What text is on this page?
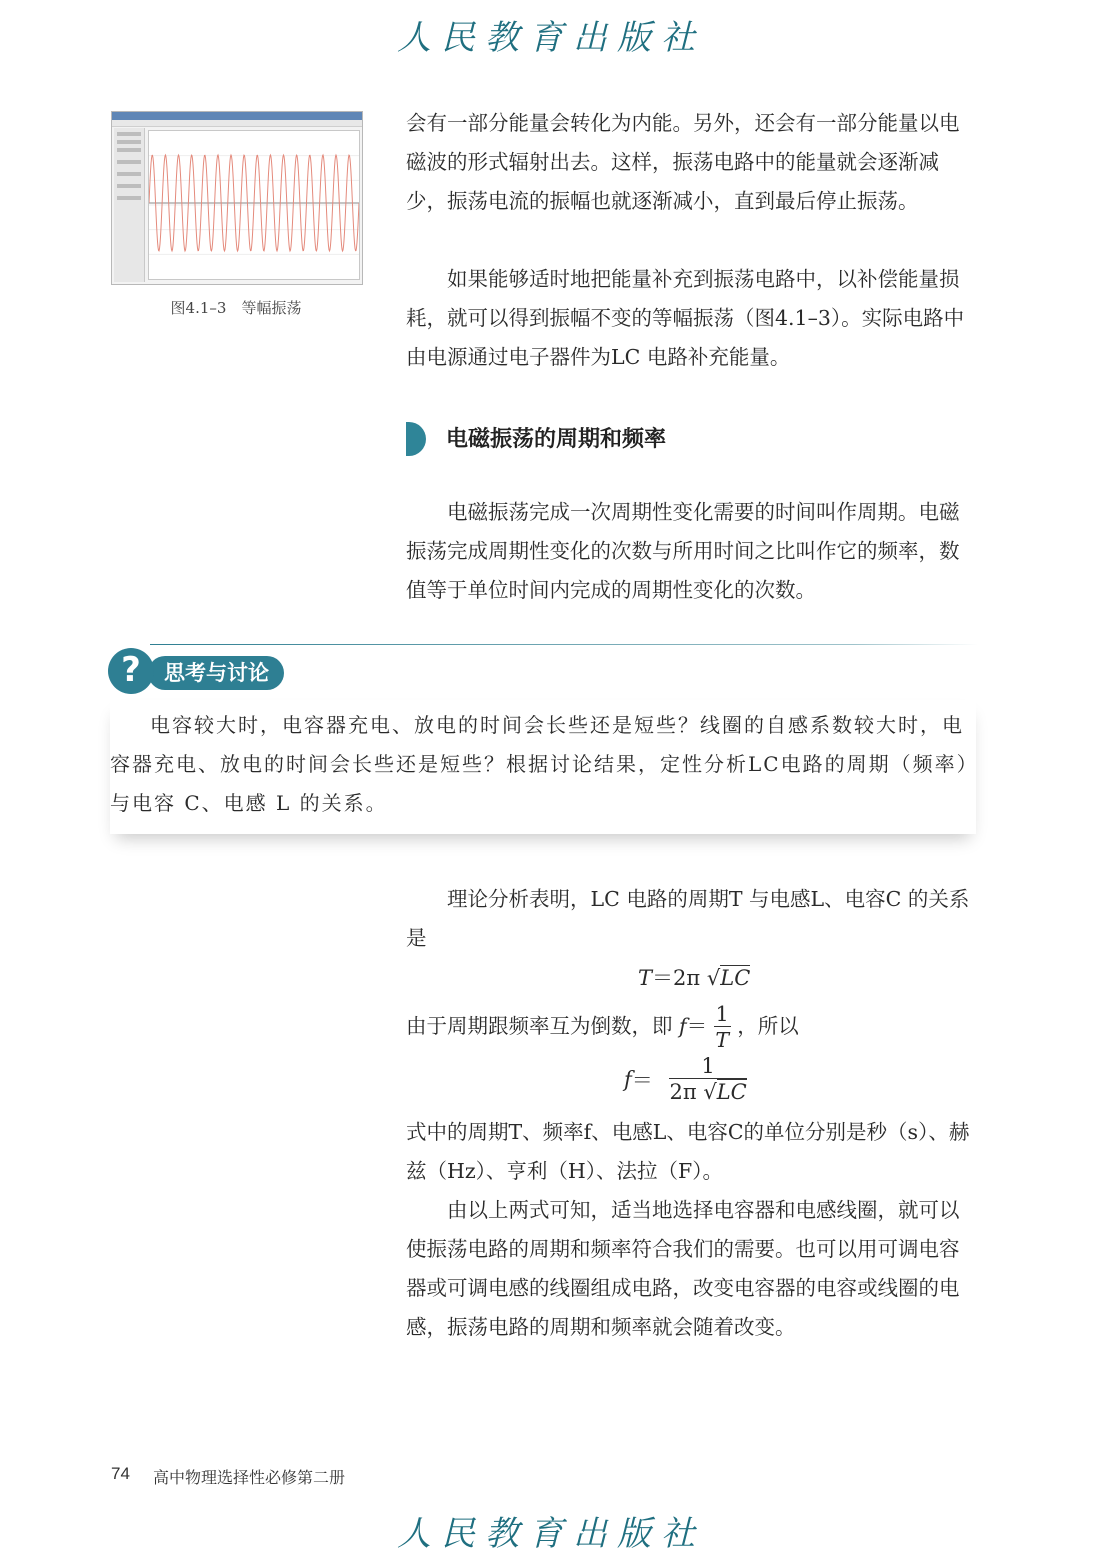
人民教育出版社
图4.1–3　等幅振荡
会有一部分能量会转化为内能。另外，还会有一部分能量以电磁波的形式辐射出去。这样，振荡电路中的能量就会逐渐减少，振荡电流的振幅也就逐渐减小，直到最后停止振荡。
如果能够适时地把能量补充到振荡电路中，以补偿能量损耗，就可以得到振幅不变的等幅振荡（图4.1–3）。实际电路中由电源通过电子器件为LC 电路补充能量。
电磁振荡的周期和频率
电磁振荡完成一次周期性变化需要的时间叫作周期。电磁振荡完成周期性变化的次数与所用时间之比叫作它的频率，数值等于单位时间内完成的周期性变化的次数。
思考与讨论
?
电容较大时，电容器充电、放电的时间会长些还是短些？线圈的自感系数较大时，电容器充电、放电的时间会长些还是短些？根据讨论结果，定性分析LC电路的周期（频率）与电容 C、电感 L 的关系。
理论分析表明，LC 电路的周期T 与电感L、电容C 的关系是
T＝2π √LC
由于周期跟频率互为倒数，即 $f= \frac{1}{T}$ ，所以
$f= \frac{1}{2\pi √LC}$
式中的周期T、频率f、电感L、电容C的单位分别是秒（s）、赫兹（Hz）、亨利（H）、法拉（F）。
由以上两式可知，适当地选择电容器和电感线圈，就可以使振荡电路的周期和频率符合我们的需要。也可以用可调电容器或可调电感的线圈组成电路，改变电容器的电容或线圈的电感，振荡电路的周期和频率就会随着改变。
74 高中物理选择性必修第二册
人民教育出版社
